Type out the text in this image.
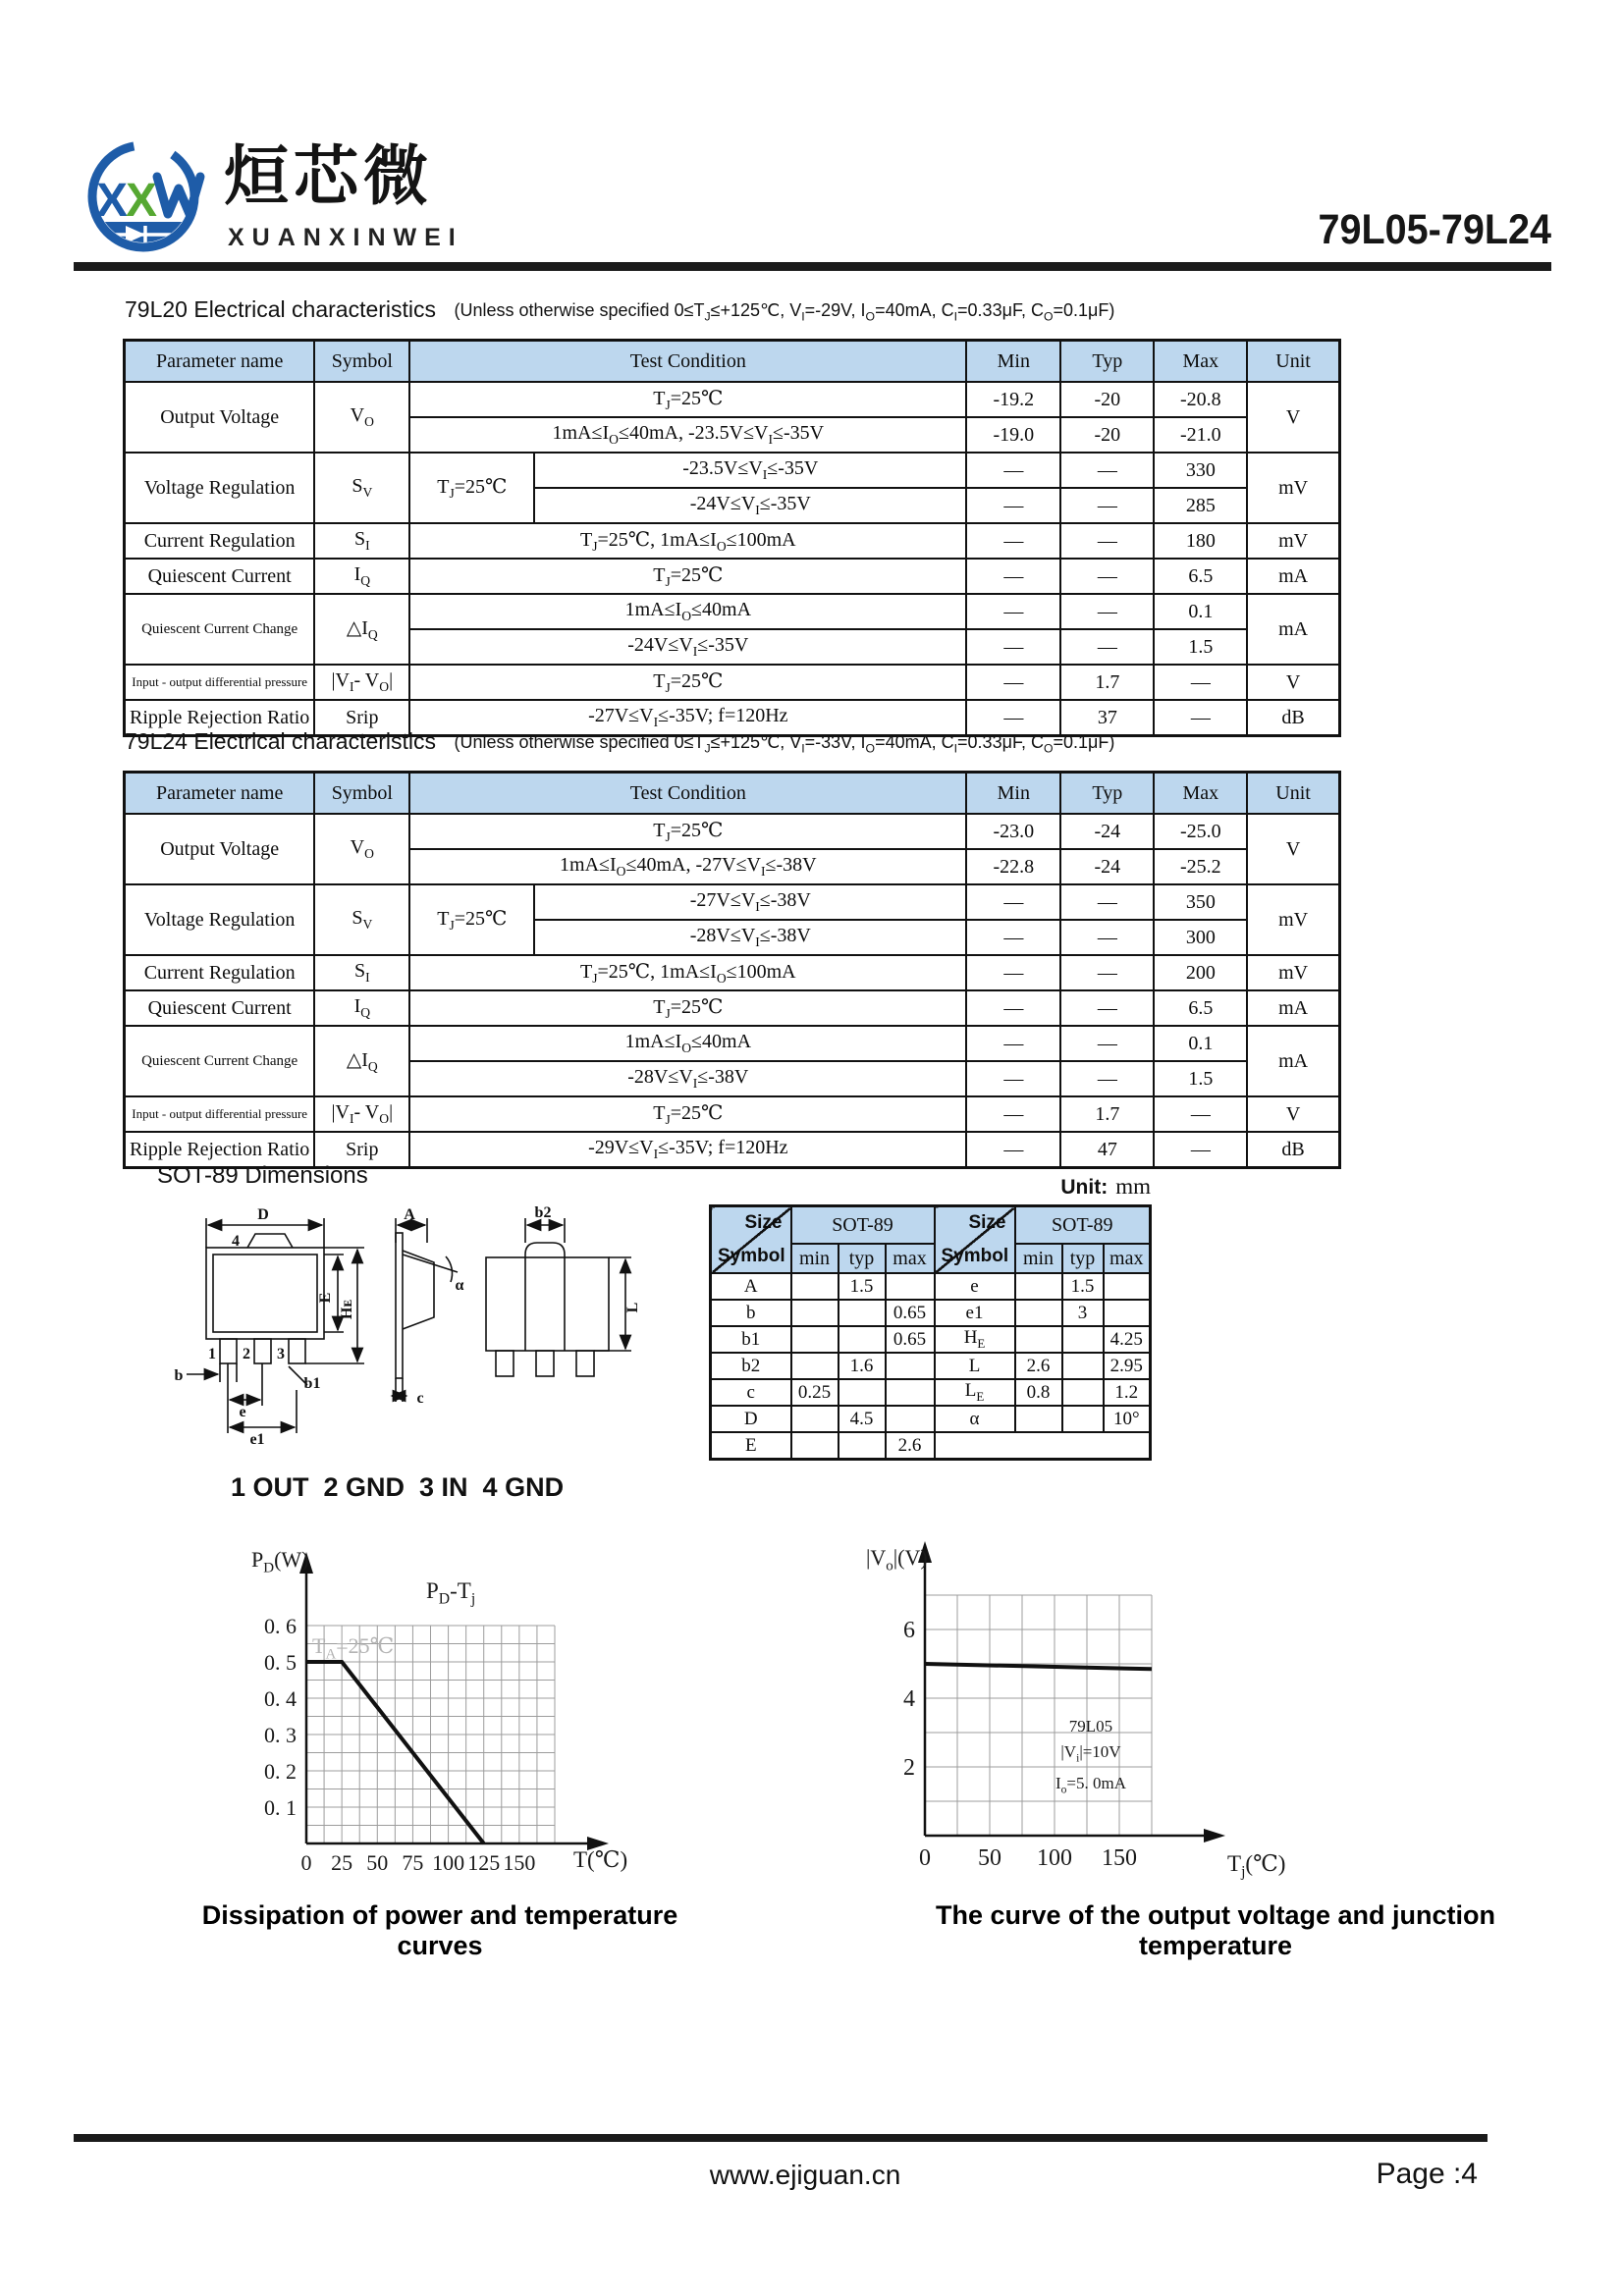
X
X 烜芯微
XUANXINWEI	79L05-79L24
79L20 Electrical characteristics (Unless otherwise specified $0\le T_J\le+125℃$, $V_I=-29V$, $I_O=40mA$, $C_I=0.33\mu F$, $C_O=0.1\mu F$)
Parameter name	Symbol	Test Condition		Min	Typ	Max	Unit
Output Voltage	$V_O$	$T_J=25℃$		-19.2	-20	-20.8	V
		$1mA\le I_O\le 40mA$, $-23.5V\le V_I\le-35V$		-19.0	-20	-21.0	
Voltage Regulation	$S_V$	$T_J=25℃$	$-23.5V\le V_I\le-35V$	—	—	330	mV
			$-24V\le V_I\le-35V$	—	—	285	
Current Regulation	$S_I$	$T_J=25℃$, $1mA\le I_O\le 100mA$		—	—	180	mV
Quiescent Current	$I_Q$	$T_J=25℃$		—	—	6.5	mA
Quiescent Current Change	$\triangle I_Q$	$1mA\le I_O\le 40mA$		—	—	0.1	mA
		$-24V\le V_I\le-35V$		—	—	1.5	
Input - output differential pressure	$|V_I-$ $V_O|$	$T_J=25℃$		—	1.7	—	V
Ripple Rejection Ratio	Srip	$-27V\le V_I\le-35V$; f=120Hz		—	37	—	dB
79L24 Electrical characteristics (Unless otherwise specified $0\le T_J\le+125℃$, $V_I=-33V$, $I_O=40mA$, $C_I=0.33\mu F$, $C_O=0.1\mu F$)
Parameter name	Symbol	Test Condition		Min	Typ	Max	Unit
Output Voltage	$V_O$	$T_J=25℃$		-23.0	-24	-25.0	V
		$1mA\le I_O\le 40mA$, $-27V\le V_I\le-38V$		-22.8	-24	-25.2	
Voltage Regulation	$S_V$	$T_J=25℃$	$-27V\le V_I\le-38V$	—	—	350	mV
			$-28V\le V_I\le-38V$	—	—	300	
Current Regulation	$S_I$	$T_J=25℃$, $1mA\le I_O\le 100mA$		—	—	200	mV
Quiescent Current	$I_Q$	$T_J=25℃$		—	—	6.5	mA
Quiescent Current Change	$\triangle I_Q$	$1mA\le I_O\le 40mA$		—	—	0.1	mA
		$-28V\le V_I\le-38V$		—	—	1.5	
Input - output differential pressure	$|V_I-$ $V_O|$	$T_J=25℃$		—	1.7	—	V
Ripple Rejection Ratio	Srip	$-29V\le V_I\le-35V$; f=120Hz		—	47	—	dB
SOT-89 Dimensions	Unit: mm
D
4
E
Hᴇ
1 2 3
b	b1
e
e1
A
α
c
b2
L
1 OUT  2 GND  3 IN  4 GND
Size
Symbol	SOT-89			Size
Symbol	SOT-89		
	min	typ	max		min	typ	max
A		1.5		e		1.5	
b			0.65	e1		3	
b1			0.65	$H_E$			4.25
b2		1.6		L	2.6		2.95
c	0.25			$L_E$	0.8		1.2
D		4.5		α			10°
E			2.6				
0 25 50 75 100 125 150
0. 1
0. 2
0. 3
0. 4
0. 5
0. 6
$P_D(W)$
$P_D-T_j$
$T_A=25℃$
T(℃)
Dissipation of power and temperature curves
0 50 100 150
2
4
6
$|V_o|(V)$
79L05
$|V_i|=10V$
$I_o=5$. 0mA
$T_j(℃)$
The curve of the output voltage and junction temperature
www.ejiguan.cn	Page :4
